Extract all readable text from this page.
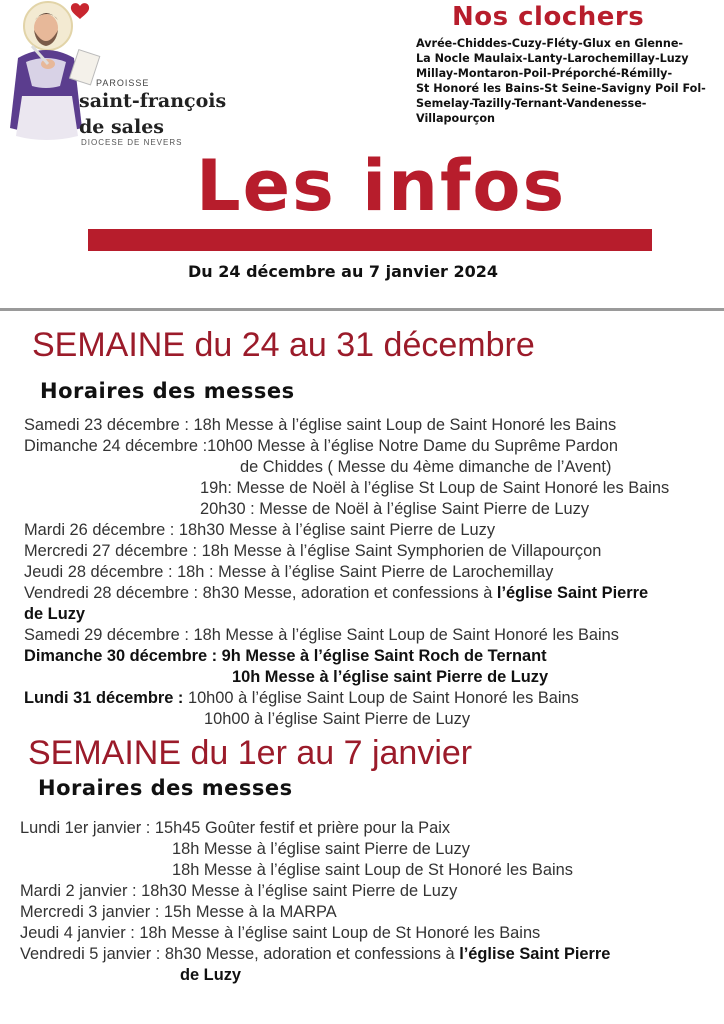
PAROISSE
saint-françois
de sales
DIOCESE DE NEVERS
Nos clochers
Avrée-Chiddes-Cuzy-Fléty-Glux en Glenne-
La Nocle Maulaix-Lanty-Larochemillay-Luzy
Millay-Montaron-Poil-Préporché-Rémilly-
St Honoré les Bains-St Seine-Savigny Poil Fol-
Semelay-Tazilly-Ternant-Vandenesse-
Villapourçon
Les infos
Du 24 décembre au 7 janvier 2024
SEMAINE du 24 au 31 décembre
Horaires des messes
Samedi 23 décembre : 18h Messe à l’église saint Loup de Saint Honoré les Bains
Dimanche 24 décembre :10h00 Messe à l’église Notre Dame du Suprême Pardon
de Chiddes ( Messe du 4ème dimanche de l’Avent)
19h: Messe de Noël à l’église St Loup de Saint Honoré les Bains
20h30 : Messe de Noël à l’église Saint Pierre de Luzy
Mardi 26 décembre : 18h30 Messe à l’église saint Pierre de Luzy
Mercredi 27 décembre : 18h Messe à l’église Saint Symphorien de Villapourçon
Jeudi 28 décembre : 18h : Messe à l’église Saint Pierre de Larochemillay
Vendredi 28 décembre : 8h30 Messe, adoration et confessions à l’église Saint Pierre
de Luzy
Samedi 29 décembre : 18h Messe à l’église Saint Loup de Saint Honoré les Bains
Dimanche 30 décembre : 9h Messe à l’église Saint Roch de Ternant
10h Messe à l’église saint Pierre de Luzy
Lundi 31 décembre : 10h00 à l’église Saint Loup de Saint Honoré les Bains
10h00 à l’église Saint Pierre de Luzy
SEMAINE du 1er au 7 janvier
Horaires des messes
Lundi 1er janvier : 15h45 Goûter festif et prière pour la Paix
18h Messe à l’église saint Pierre de Luzy
18h Messe à l’église saint Loup de St Honoré les Bains
Mardi 2 janvier : 18h30 Messe à l’église saint Pierre de Luzy
Mercredi 3 janvier : 15h Messe à la MARPA
Jeudi 4 janvier : 18h Messe à l’église saint Loup de St Honoré les Bains
Vendredi 5 janvier : 8h30 Messe, adoration et confessions à l’église Saint Pierre
de Luzy
